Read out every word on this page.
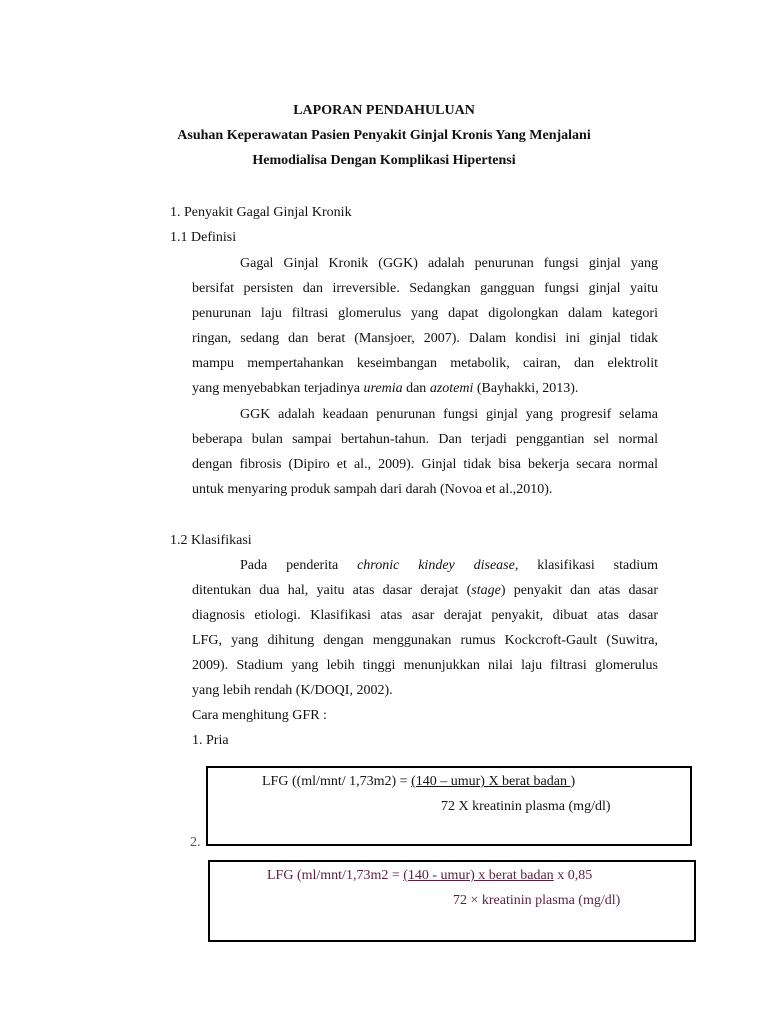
LAPORAN PENDAHULUAN
Asuhan Keperawatan Pasien Penyakit Ginjal Kronis Yang Menjalani
Hemodialisa Dengan Komplikasi Hipertensi
1. Penyakit Gagal Ginjal Kronik
1.1 Definisi
Gagal Ginjal Kronik (GGK) adalah penurunan fungsi ginjal yang
bersifat persisten dan irreversible. Sedangkan gangguan fungsi ginjal yaitu
penurunan laju filtrasi glomerulus yang dapat digolongkan dalam kategori
ringan, sedang dan berat (Mansjoer, 2007). Dalam kondisi ini ginjal tidak
mampu mempertahankan keseimbangan metabolik, cairan, dan elektrolit
yang menyebabkan terjadinya uremia dan azotemi (Bayhakki, 2013).
GGK adalah keadaan penurunan fungsi ginjal yang progresif selama
beberapa bulan sampai bertahun-tahun. Dan terjadi penggantian sel normal
dengan fibrosis (Dipiro et al., 2009). Ginjal tidak bisa bekerja secara normal
untuk menyaring produk sampah dari darah (Novoa et al.,2010).
1.2 Klasifikasi
Pada penderita chronic kindey disease, klasifikasi stadium
ditentukan dua hal, yaitu atas dasar derajat (stage) penyakit dan atas dasar
diagnosis etiologi. Klasifikasi atas asar derajat penyakit, dibuat atas dasar
LFG, yang dihitung dengan menggunakan rumus Kockcroft-Gault (Suwitra,
2009). Stadium yang lebih tinggi menunjukkan nilai laju filtrasi glomerulus
yang lebih rendah (K/DOQI, 2002).
Cara menghitung GFR :
1. Pria
LFG ((ml/mnt/ 1,73m2) = (140 – umur) X berat badan )
72 X kreatinin plasma (mg/dl)
2.
LFG (ml/mnt/1,73m2 = (140 - umur) x berat badan x 0,85
72 × kreatinin plasma (mg/dl)
